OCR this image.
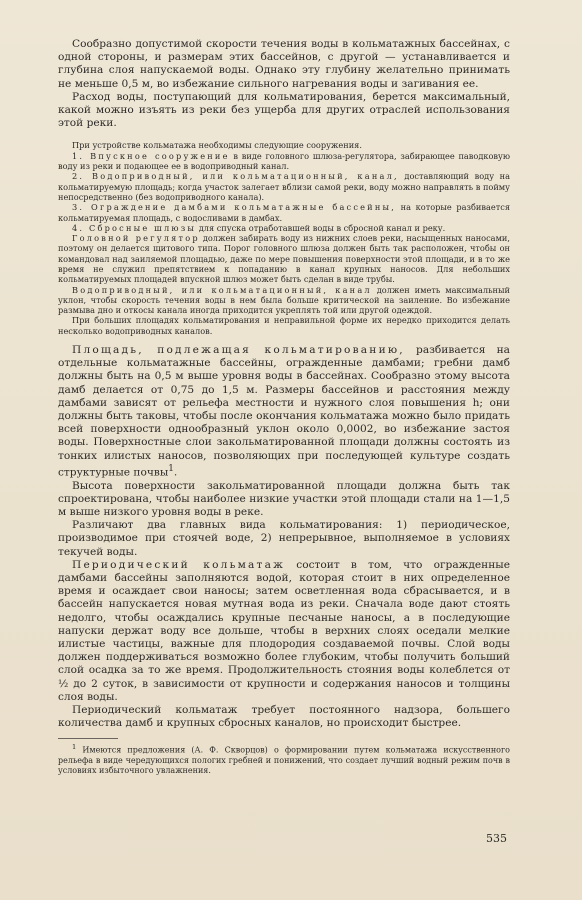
Сообразно допустимой скорости течения воды в кольматажных бассейнах, с одной стороны, и размерам этих бассейнов, с другой — устанавливается и глубина слоя напускаемой воды. Однако эту глубину желательно принимать не меньше 0,5 м, во избежание сильного нагревания воды и загивания ее.

Расход воды, поступающий для кольматирования, берется максимальный, какой можно изъять из реки без ущерба для других отраслей использования этой реки.

При устройстве кольматажа необходимы следующие сооружения.

1. Впускное сооружение в виде головного шлюза-регулятора, забирающее паводковую воду из реки и подающее ее в водоприводный канал.

2. Водоприводный, или кольматационный, канал, доставляющий воду на кольматируемую площадь; когда участок залегает вблизи самой реки, воду можно направлять в пойму непосредственно (без водоприводного канала).

3. Ограждение дамбами кольматажные бассейны, на которые разбивается кольматируемая площадь, с водосливами в дамбах.

4. Сбросные шлюзы для спуска отработавшей воды в сбросной канал и реку.

Головной регулятор должен забирать воду из нижних слоев реки, насыщенных наносами, поэтому он делается щитового типа. Порог головного шлюза должен быть так расположен, чтобы он командовал над заиляемой площадью, даже по мере повышения поверхности этой площади, и в то же время не служил препятствием к попаданию в канал крупных наносов. Для небольших кольматируемых площадей впускной шлюз может быть сделан в виде трубы.

Водоприводный, или кольматационный, канал должен иметь максимальный уклон, чтобы скорость течения воды в нем была больше критической на заиление. Во избежание размыва дно и откосы канала иногда приходится укреплять той или другой одеждой.

При больших площадях кольматирования и неправильной форме их нередко приходится делать несколько водоприводных каналов.

Площадь, подлежащая кольматированию, разбивается на отдельные кольматажные бассейны, огражденные дамбами; гребни дамб должны быть на 0,5 м выше уровня воды в бассейнах. Сообразно этому высота дамб делается от 0,75 до 1,5 м. Размеры бассейнов и расстояния между дамбами зависят от рельефа местности и нужного слоя повышения h; они должны быть таковы, чтобы после окончания кольматажа можно было придать всей поверхности однообразный уклон около 0,0002, во избежание застоя воды. Поверхностные слои закольматированной площади должны состоять из тонких илистых наносов, позволяющих при последующей культуре создать структурные почвы$^1$.

Высота поверхности закольматированной площади должна быть так спроектирована, чтобы наиболее низкие участки этой площади стали на 1—1,5 м выше низкого уровня воды в реке.

Различают два главных вида кольматирования: 1) периодическое, производимое при стоячей воде, 2) непрерывное, выполняемое в условиях текучей воды.

Периодический кольматаж состоит в том, что огражденные дамбами бассейны заполняются водой, которая стоит в них определенное время и осаждает свои наносы; затем осветленная вода сбрасывается, и в бассейн напускается новая мутная вода из реки. Сначала воде дают стоять недолго, чтобы осаждались крупные песчаные наносы, а в последующие напуски держат воду все дольше, чтобы в верхних слоях оседали мелкие илистые частицы, важные для плодородия создаваемой почвы. Слой воды должен поддерживаться возможно более глубоким, чтобы получить больший слой осадка за то же время. Продолжительность стояния воды колеблется от ½ до 2 суток, в зависимости от крупности и содержания наносов и толщины слоя воды.

Периодический кольматаж требует постоянного надзора, большего количества дамб и крупных сбросных каналов, но происходит быстрее.

$^1$ Имеются предложения (А. Ф. Скворцов) о формировании путем кольматажа искусственного рельефа в виде чередующихся пологих гребней и понижений, что создает лучший водный режим почв в условиях избыточного увлажнения.

535
